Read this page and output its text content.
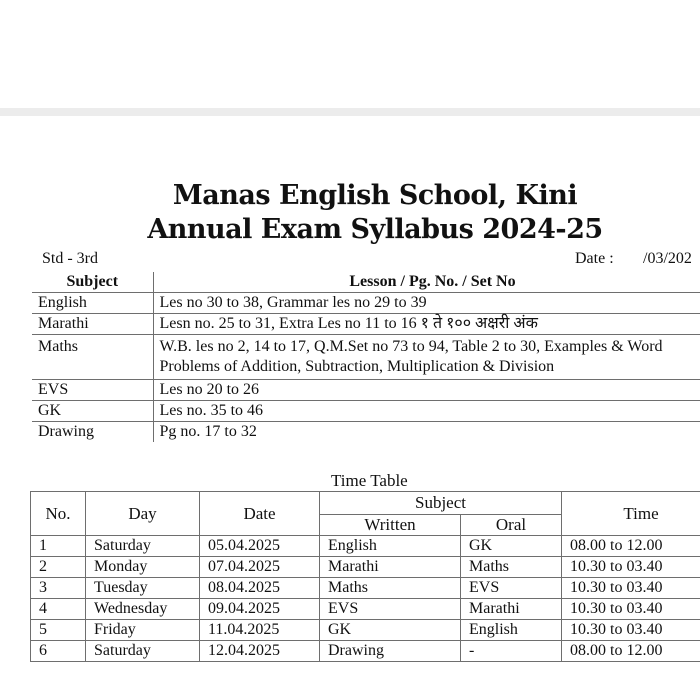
Manas English School, Kini
Annual Exam Syllabus 2024-25
Std - 3rd	Date : /03/202
Subject	Lesson / Pg. No. / Set No
English	Les no 30 to 38, Grammar les no 29 to 39
Marathi	Lesn no. 25 to 31, Extra Les no 11 to 16 १ ते १०० अक्षरी अंक
Maths	W.B. les no 2, 14 to 17, Q.M.Set no 73 to 94, Table 2 to 30, Examples & Word Problems of Addition, Subtraction, Multiplication & Division
EVS	Les no 20 to 26
GK	Les no. 35 to 46
Drawing	Pg no. 17 to 32
Time Table
No.	Day	Date	Subject		Time
			Written	Oral	
1	Saturday	05.04.2025	English	GK	08.00 to 12.00
2	Monday	07.04.2025	Marathi	Maths	10.30 to 03.40
3	Tuesday	08.04.2025	Maths	EVS	10.30 to 03.40
4	Wednesday	09.04.2025	EVS	Marathi	10.30 to 03.40
5	Friday	11.04.2025	GK	English	10.30 to 03.40
6	Saturday	12.04.2025	Drawing	-	08.00 to 12.00
